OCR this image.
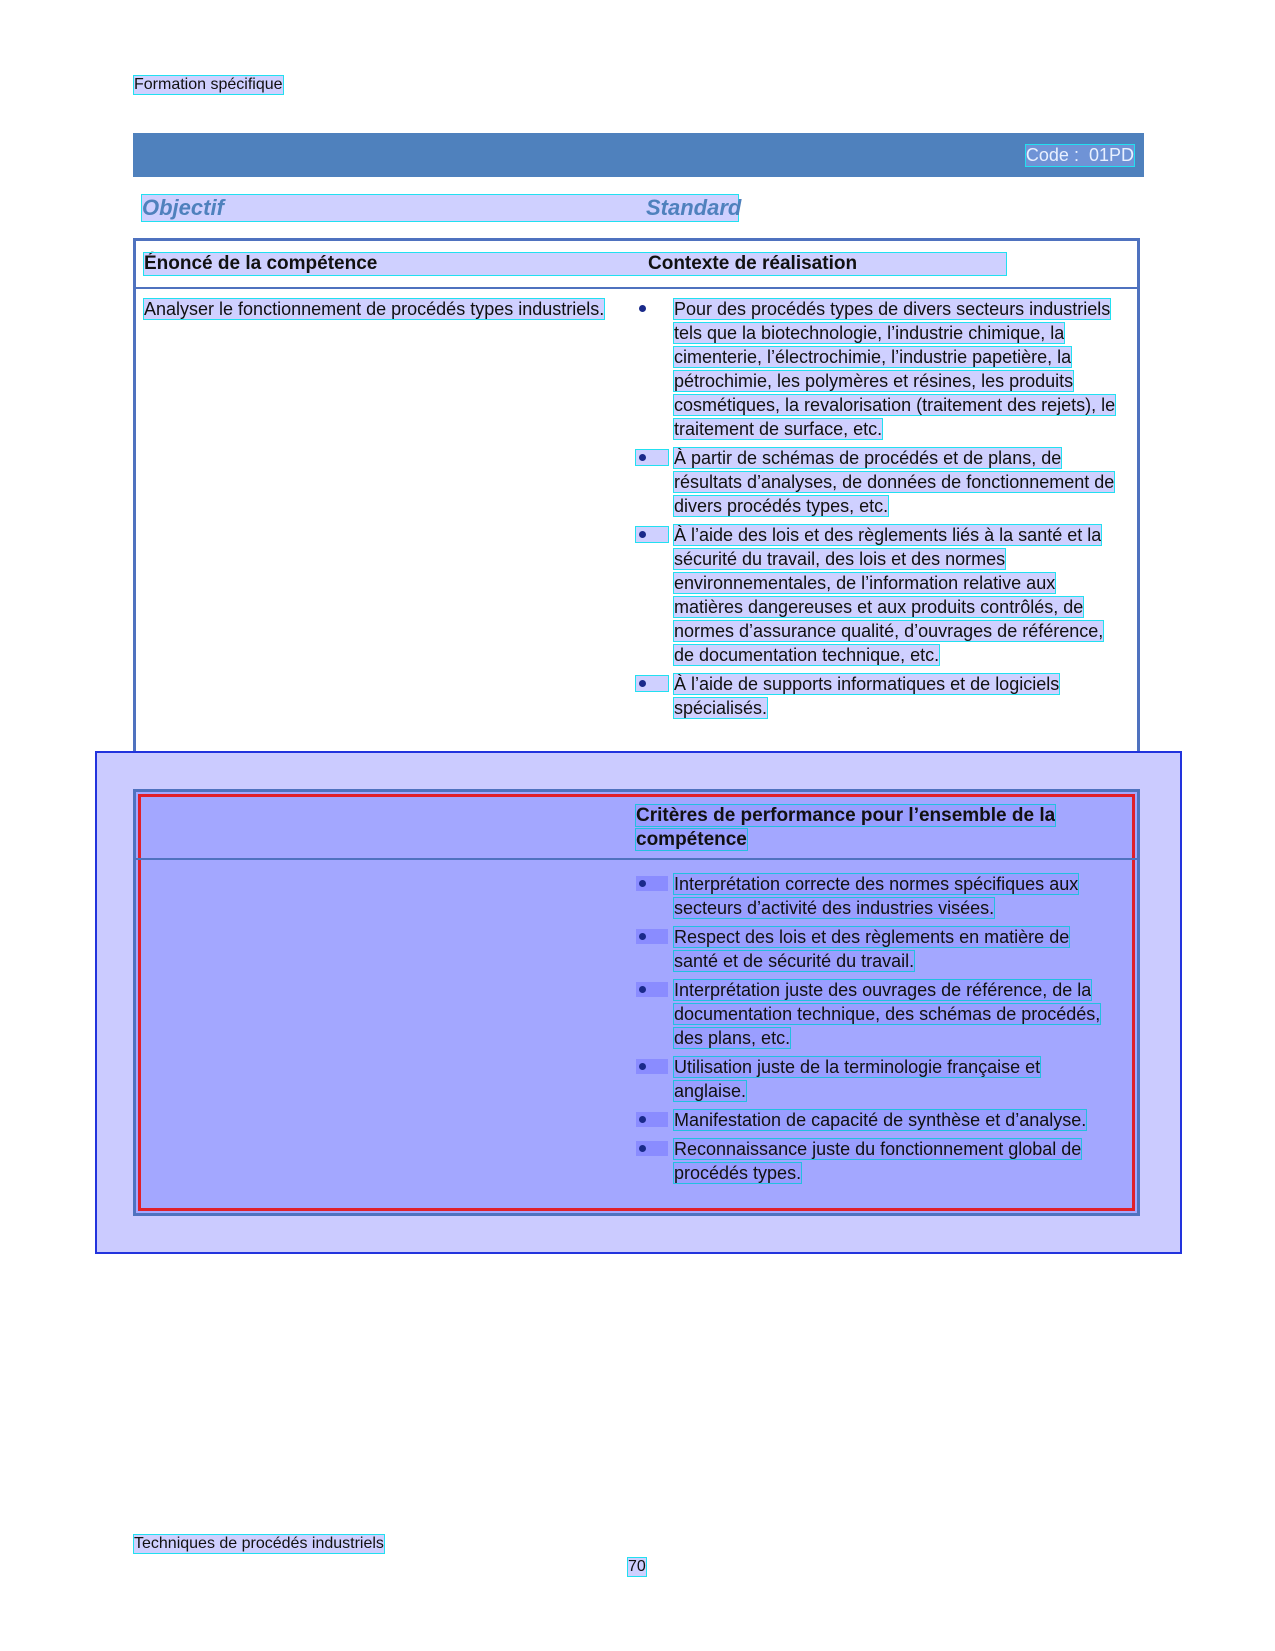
Formation spécifique
Code : 01PD
Objectif	Standard
Énoncé de la compétence	Contexte de réalisation
Analyser le fonctionnement de procédés types industriels.	Pour des procédés types de divers secteurs industriels tels que la biotechnologie, l’industrie chimique, la cimenterie, l’électrochimie, l’industrie papetière, la pétrochimie, les polymères et résines, les produits cosmétiques, la revalorisation (traitement des rejets), le traitement de surface, etc.
À partir de schémas de procédés et de plans, de résultats d’analyses, de données de fonctionnement de divers procédés types, etc.
À l’aide des lois et des règlements liés à la santé et la sécurité du travail, des lois et des normes environnementales, de l’information relative aux matières dangereuses et aux produits contrôlés, de normes d’assurance qualité, d’ouvrages de référence, de documentation technique, etc.
À l’aide de supports informatiques et de logiciels spécialisés.
Critères de performance pour l’ensemble de la compétence
Interprétation correcte des normes spécifiques aux secteurs d’activité des industries visées.
Respect des lois et des règlements en matière de santé et de sécurité du travail.
Interprétation juste des ouvrages de référence, de la documentation technique, des schémas de procédés, des plans, etc.
Utilisation juste de la terminologie française et anglaise.
Manifestation de capacité de synthèse et d’analyse.
Reconnaissance juste du fonctionnement global de procédés types.
Techniques de procédés industriels
70
